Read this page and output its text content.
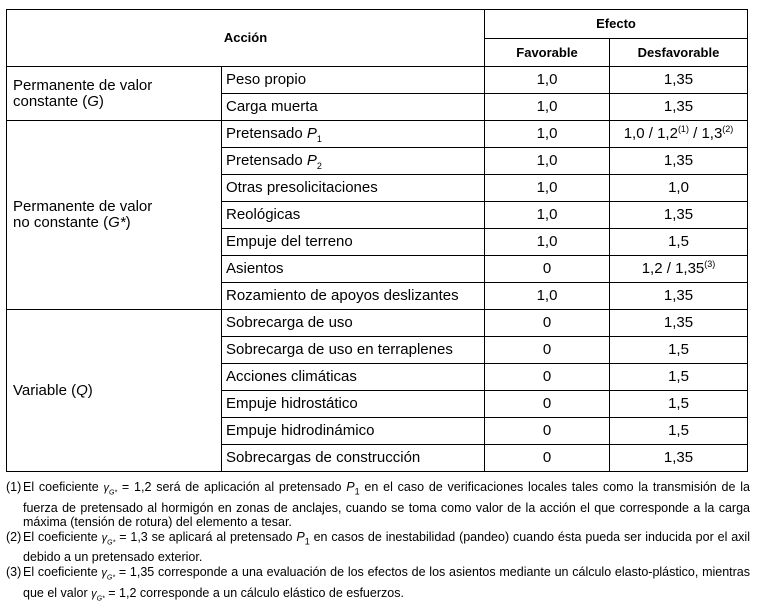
Acción		Efecto	
		Favorable	Desfavorable
Permanente de valor
constante (G)	Peso propio	1,0	1,35
	Carga muerta	1,0	1,35
Permanente de valor
no constante (G*)	Pretensado $P_1$	1,0	1,0 / 1,2$^{(1)}$ / 1,3$^{(2)}$
	Pretensado $P_2$	1,0	1,35
	Otras presolicitaciones	1,0	1,0
	Reológicas	1,0	1,35
	Empuje del terreno	1,0	1,5
	Asientos	0	1,2 / 1,35$^{(3)}$
	Rozamiento de apoyos deslizantes	1,0	1,35
Variable (Q)	Sobrecarga de uso	0	1,35
	Sobrecarga de uso en terraplenes	0	1,5
	Acciones climáticas	0	1,5
	Empuje hidrostático	0	1,5
	Empuje hidrodinámico	0	1,5
	Sobrecargas de construcción	0	1,35
(1) El coeficiente $\gamma_{G*} = 1,2$ será de aplicación al pretensado $P_1$ en el caso de verificaciones locales tales como la transmisión de la fuerza de pretensado al hormigón en zonas de anclajes, cuando se toma como valor de la acción el que corresponde a la carga máxima (tensión de rotura) del elemento a tesar.
(2) El coeficiente $\gamma_{G*} = 1,3$ se aplicará al pretensado $P_1$ en casos de inestabilidad (pandeo) cuando ésta pueda ser inducida por el axil debido a un pretensado exterior.
(3) El coeficiente $\gamma_{G*} = 1,35$ corresponde a una evaluación de los efectos de los asientos mediante un cálculo elasto-plástico, mientras que el valor $\gamma_{G*} = 1,2$ corresponde a un cálculo elástico de esfuerzos.
